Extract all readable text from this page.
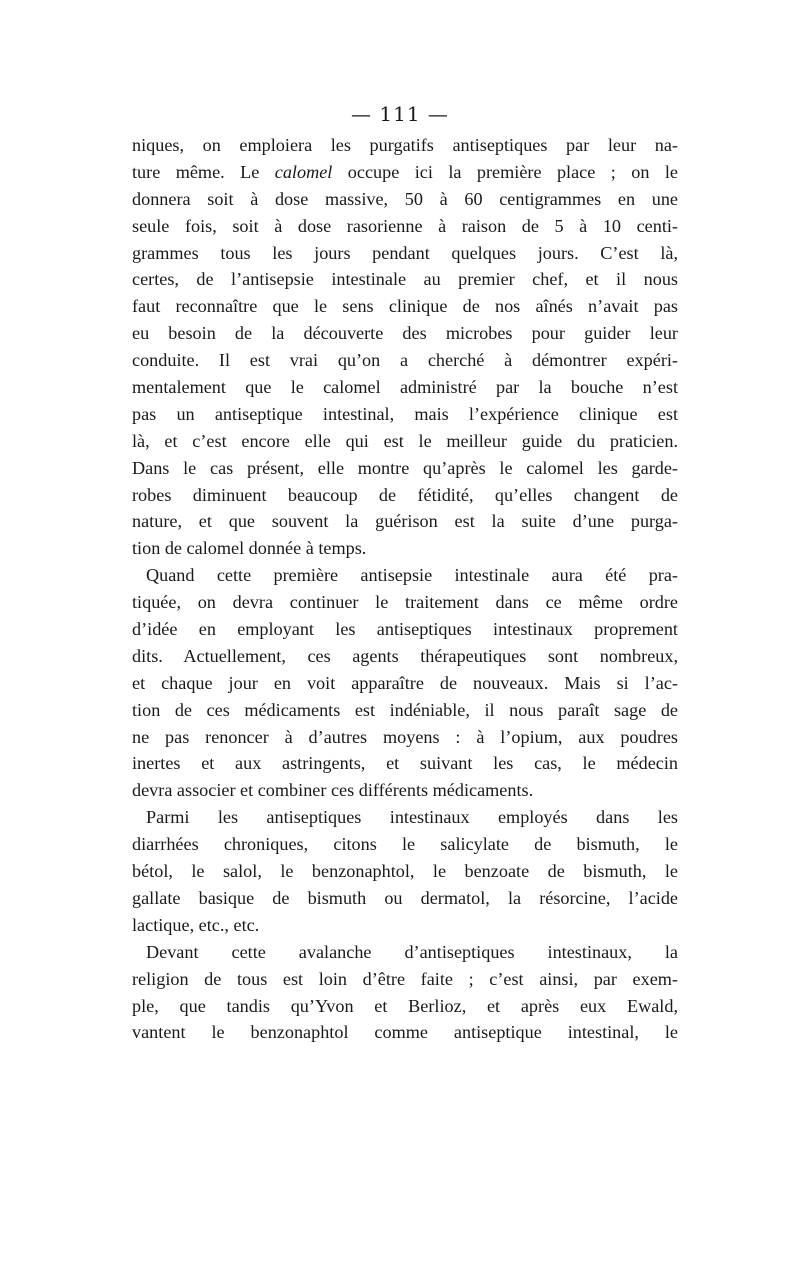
— 111 —
niques, on emploiera les purgatifs antiseptiques par leur na-
ture même. Le calomel occupe ici la première place ; on le
donnera soit à dose massive, 50 à 60 centigrammes en une
seule fois, soit à dose rasorienne à raison de 5 à 10 centi-
grammes tous les jours pendant quelques jours. C’est là,
certes, de l’antisepsie intestinale au premier chef, et il nous
faut reconnaître que le sens clinique de nos aînés n’avait pas
eu besoin de la découverte des microbes pour guider leur
conduite. Il est vrai qu’on a cherché à démontrer expéri-
mentalement que le calomel administré par la bouche n’est
pas un antiseptique intestinal, mais l’expérience clinique est
là, et c’est encore elle qui est le meilleur guide du praticien.
Dans le cas présent, elle montre qu’après le calomel les garde-
robes diminuent beaucoup de fétidité, qu’elles changent de
nature, et que souvent la guérison est la suite d’une purga-
tion de calomel donnée à temps.
Quand cette première antisepsie intestinale aura été pra-
tiquée, on devra continuer le traitement dans ce même ordre
d’idée en employant les antiseptiques intestinaux proprement
dits. Actuellement, ces agents thérapeutiques sont nombreux,
et chaque jour en voit apparaître de nouveaux. Mais si l’ac-
tion de ces médicaments est indéniable, il nous paraît sage de
ne pas renoncer à d’autres moyens : à l’opium, aux poudres
inertes et aux astringents, et suivant les cas, le médecin
devra associer et combiner ces différents médicaments.
Parmi les antiseptiques intestinaux employés dans les
diarrhées chroniques, citons le salicylate de bismuth, le
bétol, le salol, le benzonaphtol, le benzoate de bismuth, le
gallate basique de bismuth ou dermatol, la résorcine, l’acide
lactique, etc., etc.
Devant cette avalanche d’antiseptiques intestinaux, la
religion de tous est loin d’être faite ; c’est ainsi, par exem-
ple, que tandis qu’Yvon et Berlioz, et après eux Ewald,
vantent le benzonaphtol comme antiseptique intestinal, le
